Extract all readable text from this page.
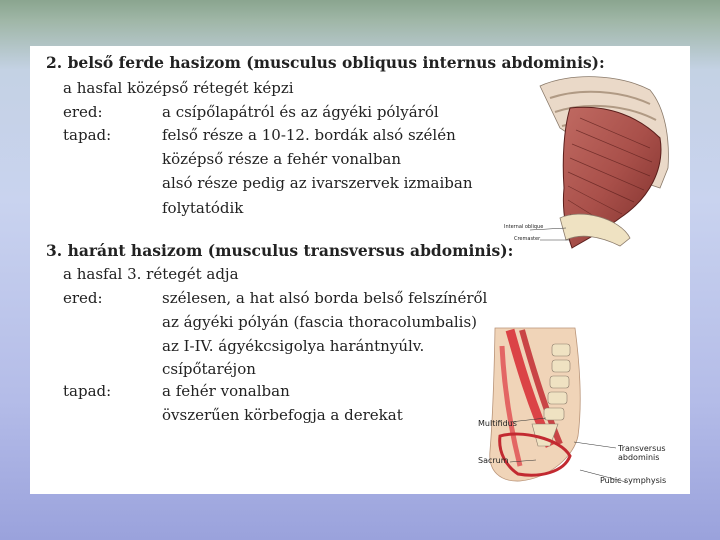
2. belső ferde hasizom (musculus obliquus internus abdominis):
a hasfal középső rétegét képzi
ered:	a csípőlapátról és az ágyéki pólyáról
tapad:	felső része a 10-12. bordák alsó szélén
középső része a fehér vonalban
alsó része pedig az ivarszervek izmaiban
folytatódik
3. haránt hasizom (musculus transversus abdominis):
a hasfal 3. rétegét adja
ered:	szélesen, a hat alsó borda belső felszínéről
az ágyéki pólyán (fascia thoracolumbalis)
az I-IV. ágyékcsigolya harántnyúlv.
csípőtaréjon
tapad:	a fehér vonalban
övszerűen körbefogja a derekat
Internal oblique
Cremaster
Multifidus
Sacrum
Transversus abdominis
Pubic symphysis
